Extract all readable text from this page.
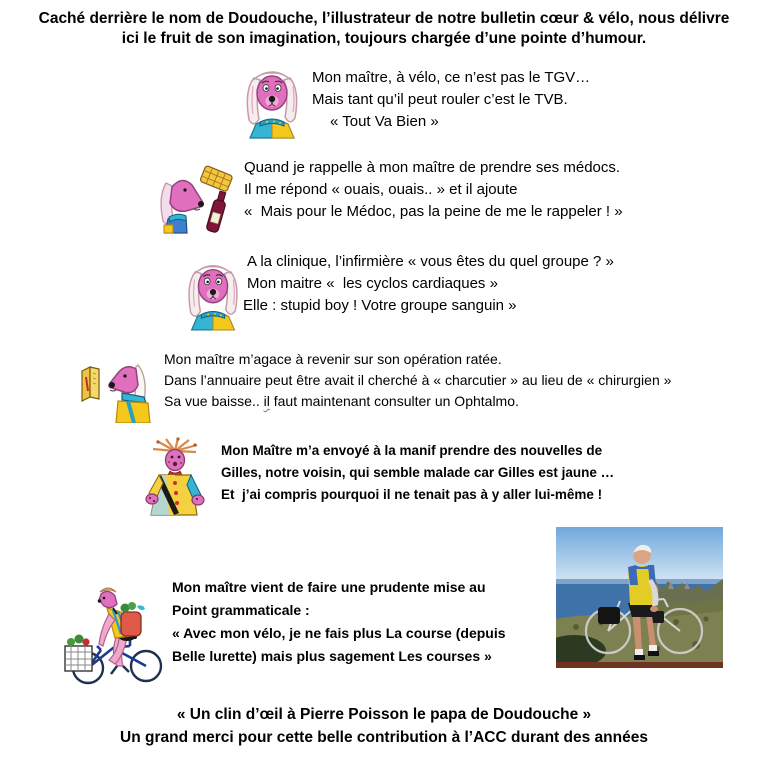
Caché derrière le nom de Doudouche, l’illustrateur de notre bulletin cœur & vélo, nous délivre ici le fruit de son imagination, toujours chargée d’une pointe d’humour.
Mon maître, à vélo, ce n’est pas le TGV…
Mais tant qu’il peut rouler c’est le TVB.
« Tout Va Bien »
Quand je rappelle à mon maître de prendre ses médocs.
Il me répond « ouais, ouais.. » et il ajoute
«  Mais pour le Médoc, pas la peine de me le rappeler ! »
A la clinique, l’infirmière « vous êtes du quel groupe ? »
Mon maitre «  les cyclos cardiaques »
Elle : stupid boy ! Votre groupe sanguin »
Mon maître m’agace à revenir sur son opération ratée.
Dans l’annuaire peut être avait il cherché à « charcutier » au lieu de « chirurgien »
Sa vue baisse.. il faut maintenant consulter un Ophtalmo.
Mon Maître m’a envoyé à la manif prendre des nouvelles de
Gilles, notre voisin, qui semble malade car Gilles est jaune …
Et  j’ai compris pourquoi il ne tenait pas à y aller lui-même !
Mon maître vient de faire une prudente mise au
Point grammaticale :
« Avec mon vélo, je ne fais plus La course (depuis
Belle lurette) mais plus sagement Les courses »
« Un clin d’œil à Pierre Poisson le papa de Doudouche »
Un grand merci pour cette belle contribution à l’ACC durant des années
